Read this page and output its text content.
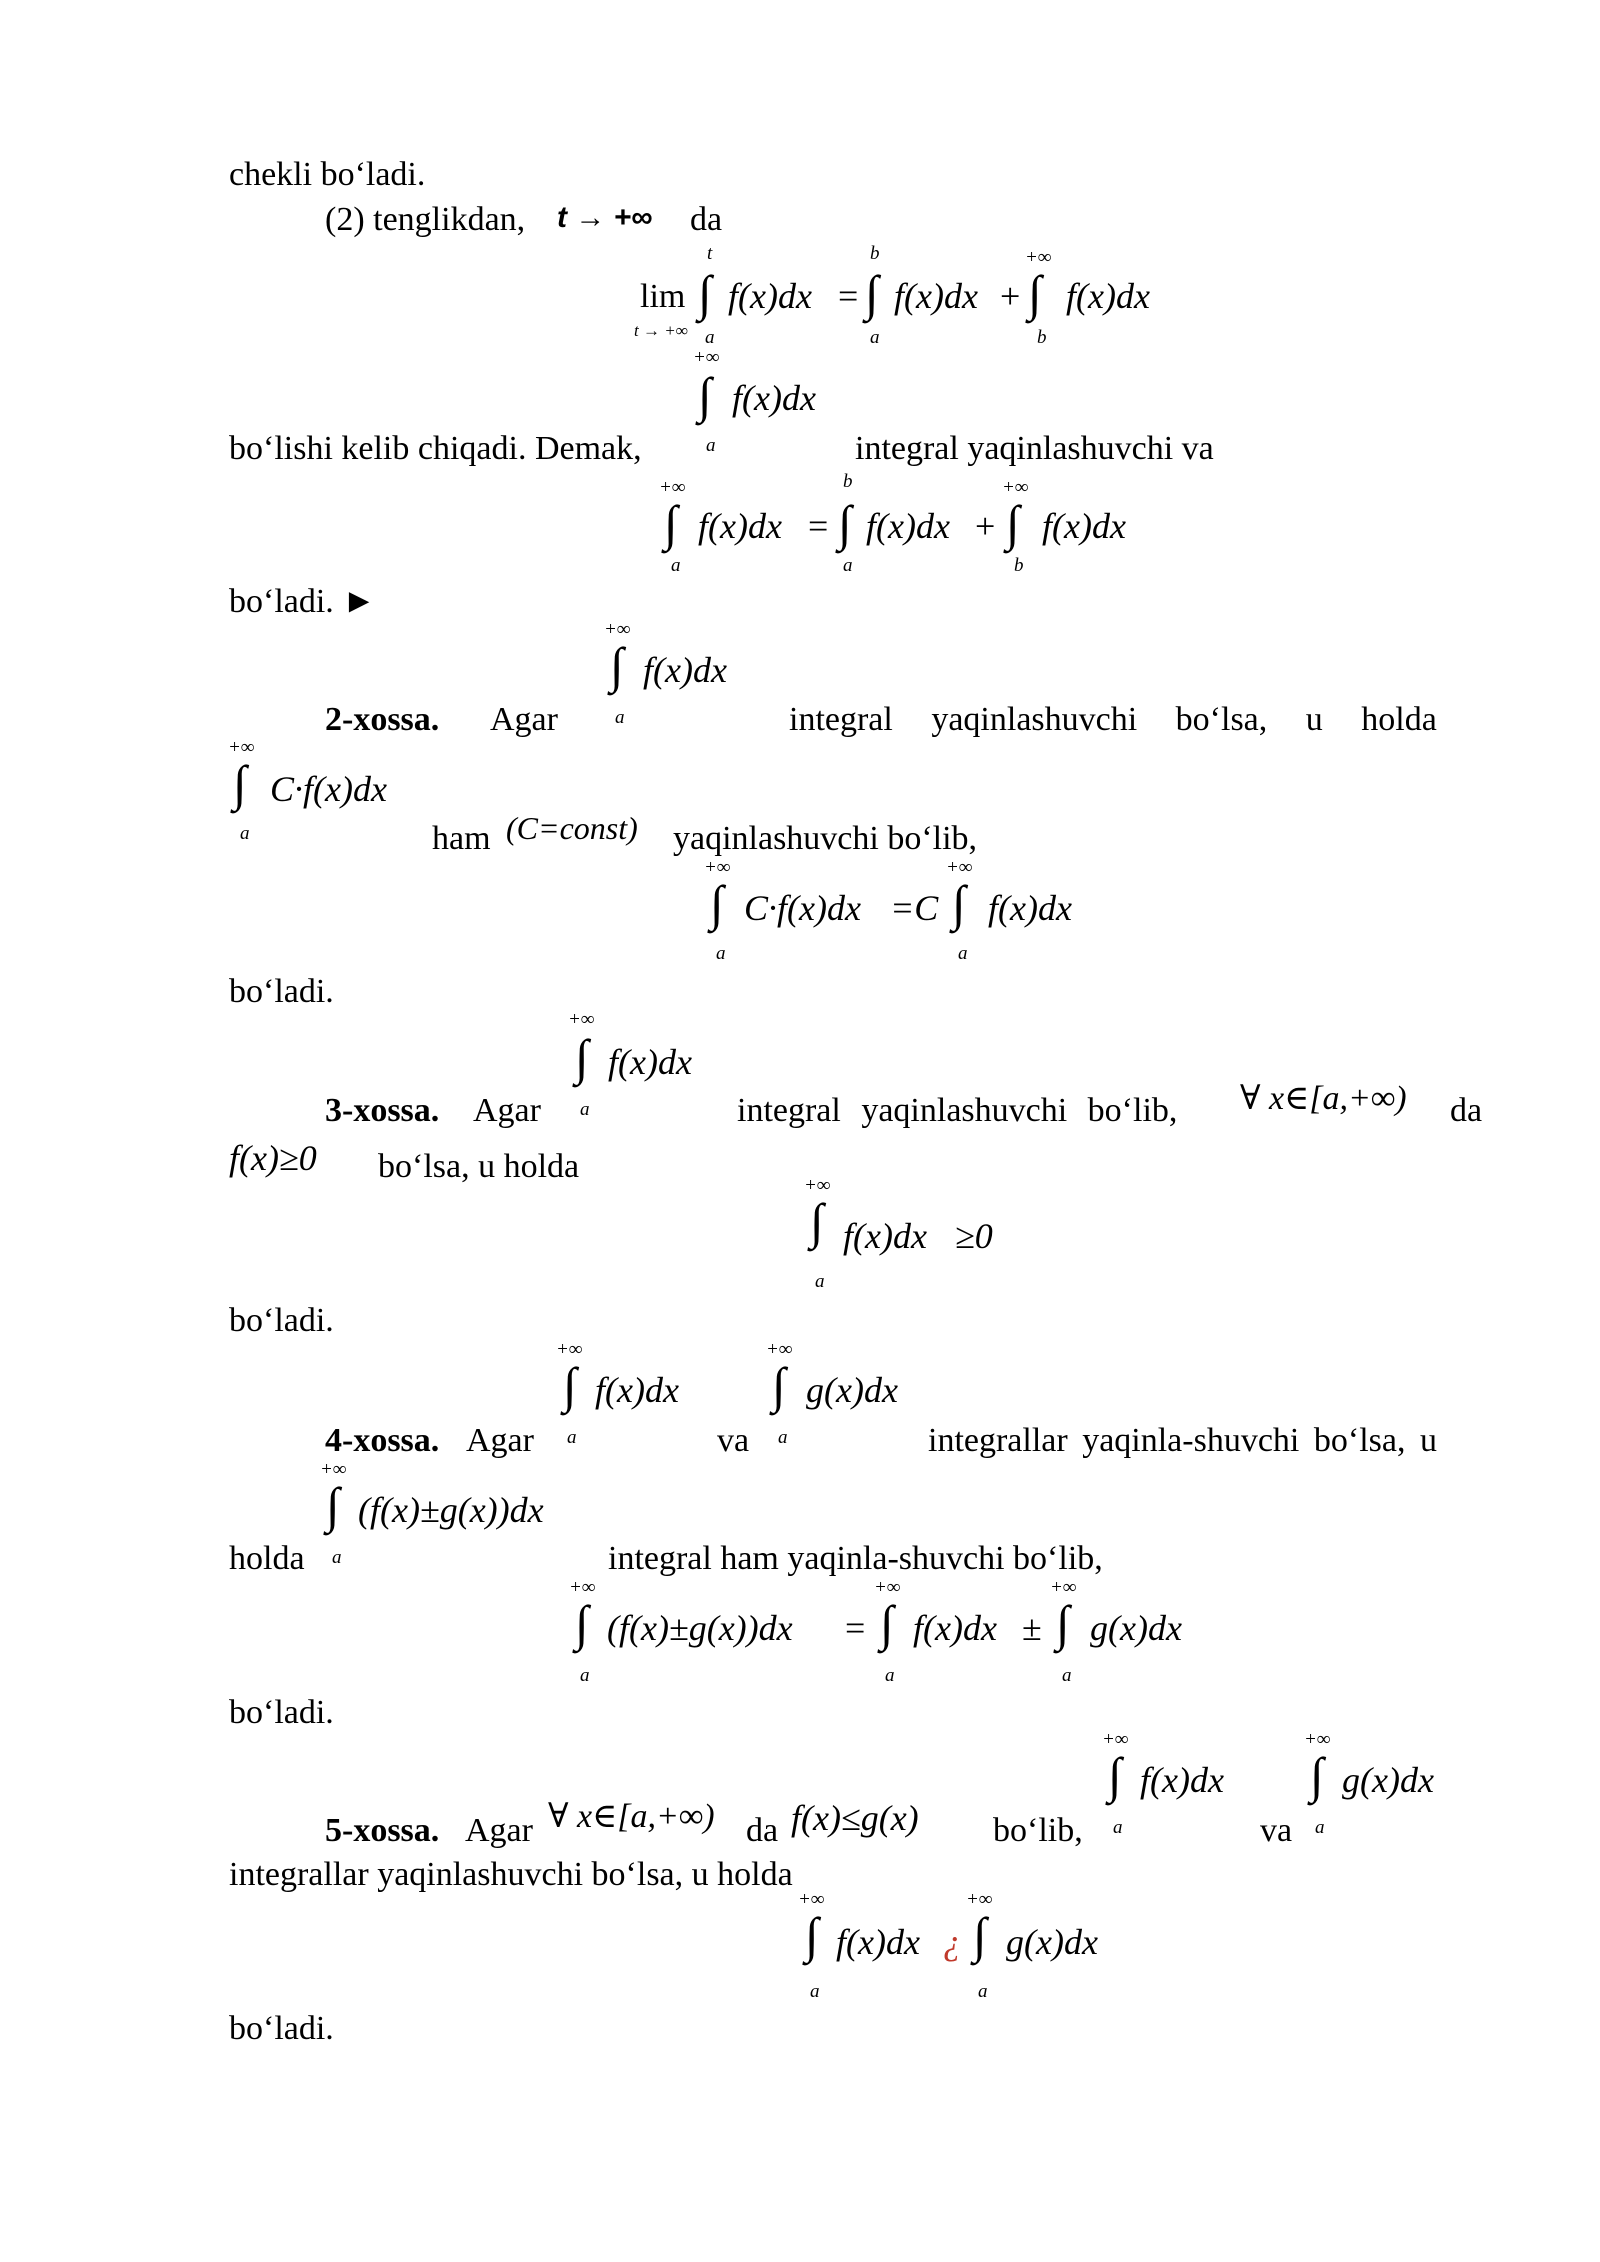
chekli bo‘ladi.
(2) tenglikdan, t → +∞ da
lim
t → +∞
∫
t
a
f(x)dx = ∫
b
a
f(x)dx + ∫
+∞
b
f(x)dx
∫
+∞
a
f(x)dx
bo‘lishi kelib chiqadi. Demak,	integral yaqinlashuvchi va
∫
+∞
a
f(x)dx = ∫
b
a
f(x)dx + ∫
+∞
b
f(x)dx
bo‘ladi. ►
∫
+∞
a
f(x)dx
2-xossa. Agar	integral yaqinlashuvchi bo‘lsa, u holda
∫
+∞
a
C·f(x)dx
ham (C=const) yaqinlashuvchi bo‘lib,
∫
+∞
a
C·f(x)dx =C ∫
+∞
a
f(x)dx
bo‘ladi.
∫
+∞
a
f(x)dx
3-xossa. Agar	integral yaqinlashuvchi bo‘lib, ∀ x∈[a,+∞) da
f(x)≥0 bo‘lsa, u holda
∫
+∞
a
f(x)dx ≥0
bo‘ladi.
∫
+∞
a
f(x)dx ∫
+∞
a
g(x)dx
4-xossa. Agar	va	integrallar yaqinla-shuvchi bo‘lsa, u
∫
+∞
a
(f(x)±g(x))dx
holda	integral ham yaqinla-shuvchi bo‘lib,
∫
+∞
a
(f(x)±g(x))dx = ∫
+∞
a
f(x)dx ± ∫
+∞
a
g(x)dx
bo‘ladi.
∫
+∞
a
f(x)dx ∫
+∞
a
g(x)dx
5-xossa. Agar ∀ x∈[a,+∞) da f(x)≤g(x) bo‘lib,	va
integrallar yaqinlashuvchi bo‘lsa, u holda
∫
+∞
a
f(x)dx ¿ ∫
+∞
a
g(x)dx
bo‘ladi.
